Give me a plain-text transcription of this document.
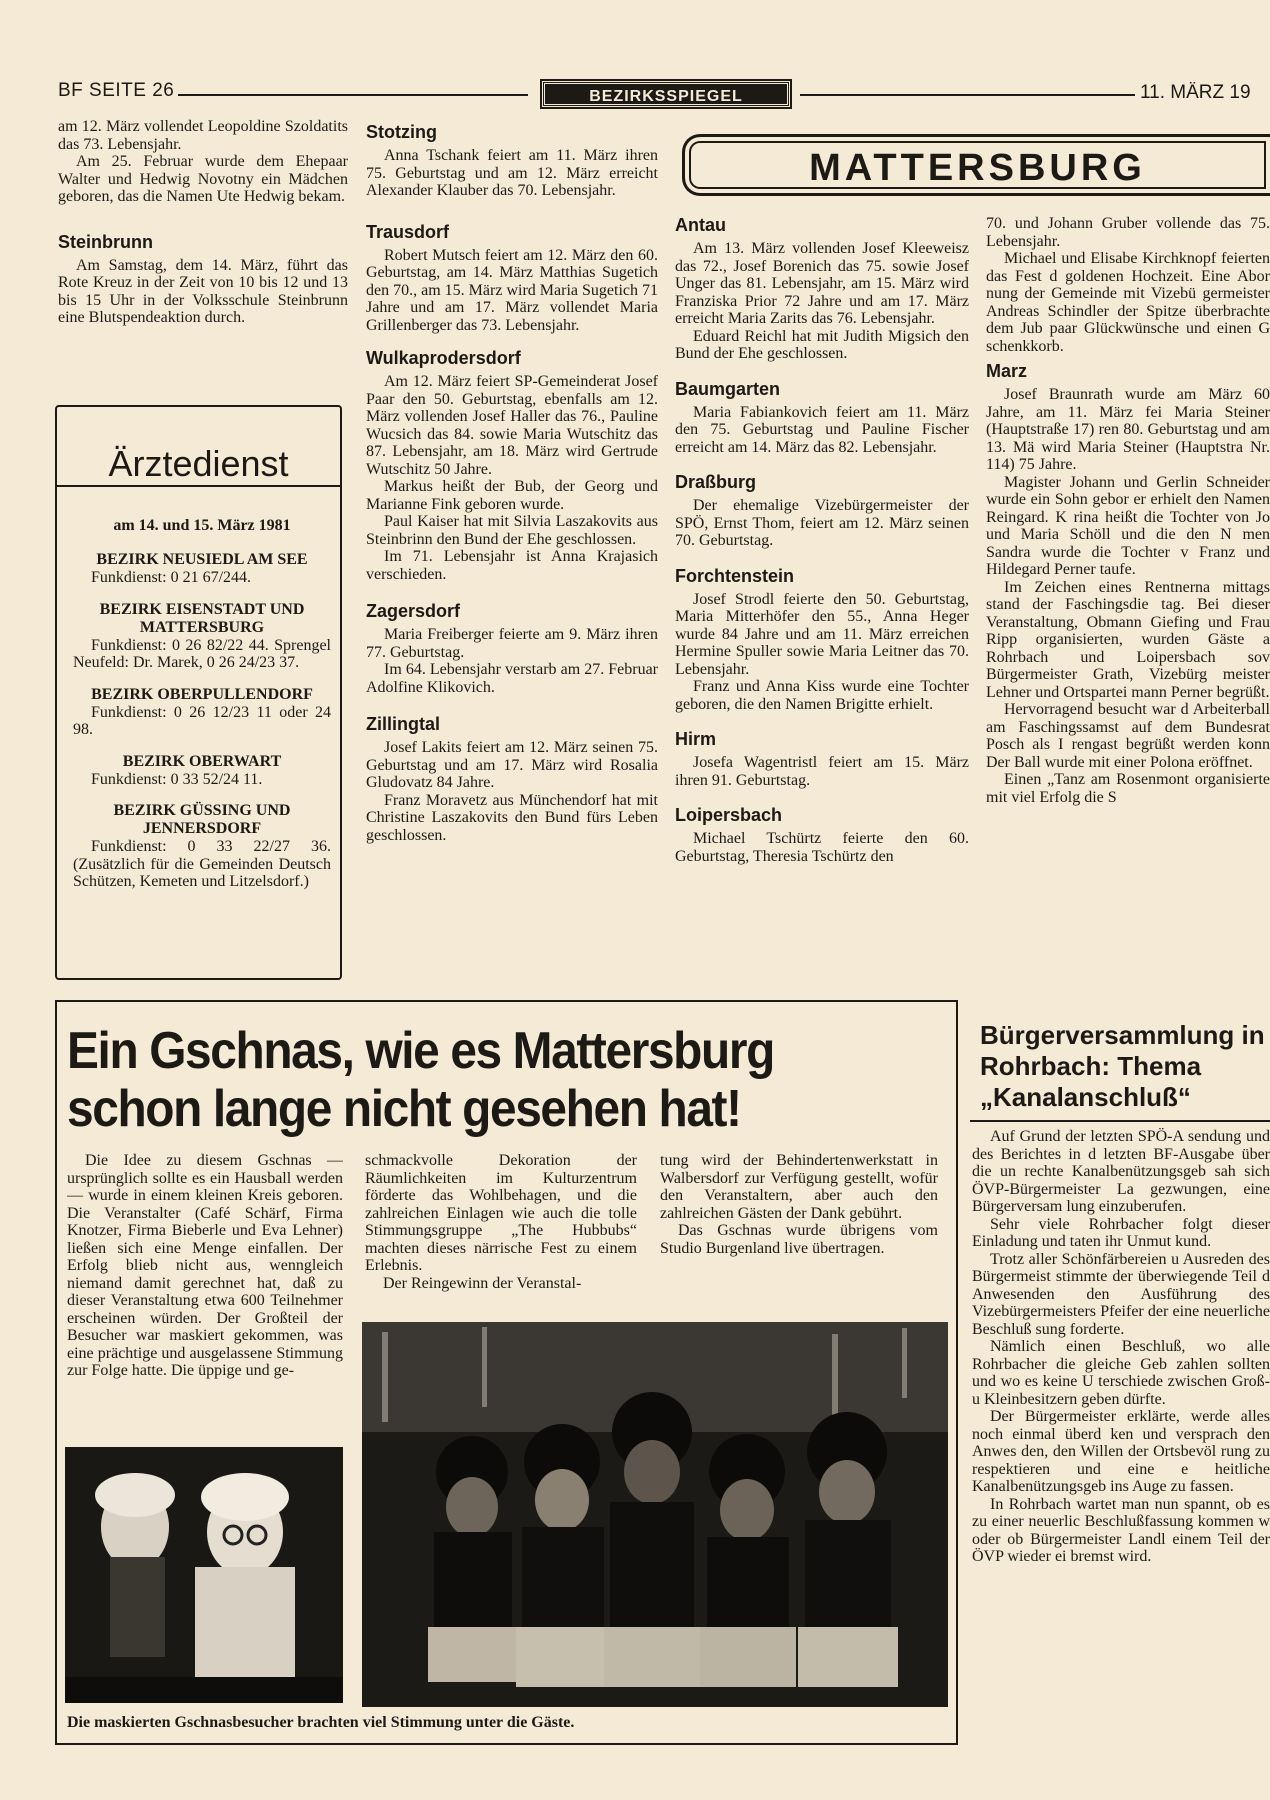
BF SEITE 26	BEZIRKSSPIEGEL	11. MÄRZ 19

am 12. März vollendet Leopoldine Szoldatits das 73. Lebensjahr.

Am 25. Februar wurde dem Ehepaar Walter und Hedwig Novotny ein Mädchen geboren, das die Namen Ute Hedwig bekam.

Steinbrunn

Am Samstag, dem 14. März, führt das Rote Kreuz in der Zeit von 10 bis 12 und 13 bis 15 Uhr in der Volksschule Steinbrunn eine Blutspendeaktion durch.

Ärztedienst
am 14. und 15. März 1981
BEZIRK NEUSIEDL AM SEE

Funkdienst: 0 21 67/244.

BEZIRK EISENSTADT UND MATTERSBURG

Funkdienst: 0 26 82/22 44. Sprengel Neufeld: Dr. Marek, 0 26 24/23 37.

BEZIRK OBERPULLENDORF

Funkdienst: 0 26 12/23 11 oder 24 98.

BEZIRK OBERWART

Funkdienst: 0 33 52/24 11.

BEZIRK GÜSSING UND JENNERSDORF

Funkdienst: 0 33 22/27 36. (Zusätzlich für die Gemeinden Deutsch Schützen, Kemeten und Litzelsdorf.)

Stotzing

Anna Tschank feiert am 11. März ihren 75. Geburtstag und am 12. März erreicht Alexander Klauber das 70. Lebensjahr.

Trausdorf

Robert Mutsch feiert am 12. März den 60. Geburtstag, am 14. März Matthias Sugetich den 70., am 15. März wird Maria Sugetich 71 Jahre und am 17. März vollendet Maria Grillenberger das 73. Lebensjahr.

Wulkaprodersdorf

Am 12. März feiert SP-Gemeinderat Josef Paar den 50. Geburtstag, ebenfalls am 12. März vollenden Josef Haller das 76., Pauline Wucsich das 84. sowie Maria Wutschitz das 87. Lebensjahr, am 18. März wird Gertrude Wutschitz 50 Jahre.

Markus heißt der Bub, der Georg und Marianne Fink geboren wurde.

Paul Kaiser hat mit Silvia Laszakovits aus Steinbrinn den Bund der Ehe geschlossen.

Im 71. Lebensjahr ist Anna Krajasich verschieden.

Zagersdorf

Maria Freiberger feierte am 9. März ihren 77. Geburtstag.

Im 64. Lebensjahr verstarb am 27. Februar Adolfine Klikovich.

Zillingtal

Josef Lakits feiert am 12. März seinen 75. Geburtstag und am 17. März wird Rosalia Gludovatz 84 Jahre.

Franz Moravetz aus Münchendorf hat mit Christine Laszakovits den Bund fürs Leben geschlossen.

MATTERSBURG
Antau

Am 13. März vollenden Josef Kleeweisz das 72., Josef Borenich das 75. sowie Josef Unger das 81. Lebensjahr, am 15. März wird Franziska Prior 72 Jahre und am 17. März erreicht Maria Zarits das 76. Lebensjahr.

Eduard Reichl hat mit Judith Migsich den Bund der Ehe geschlossen.

Baumgarten

Maria Fabiankovich feiert am 11. März den 75. Geburtstag und Pauline Fischer erreicht am 14. März das 82. Lebensjahr.

Draßburg

Der ehemalige Vizebürgermeister der SPÖ, Ernst Thom, feiert am 12. März seinen 70. Geburtstag.

Forchtenstein

Josef Strodl feierte den 50. Geburtstag, Maria Mitterhöfer den 55., Anna Heger wurde 84 Jahre und am 11. März erreichen Hermine Spuller sowie Maria Leitner das 70. Lebensjahr.

Franz und Anna Kiss wurde eine Tochter geboren, die den Namen Brigitte erhielt.

Hirm

Josefa Wagentristl feiert am 15. März ihren 91. Geburtstag.

Loipersbach

Michael Tschürtz feierte den 60. Geburtstag, Theresia Tschürtz den

70. und Johann Gruber vollende das 75. Lebensjahr.

Michael und Elisabe Kirchknopf feierten das Fest d goldenen Hochzeit. Eine Abor nung der Gemeinde mit Vizebü germeister Andreas Schindler der Spitze überbrachte dem Jub paar Glückwünsche und einen G schenkkorb.

Marz

Josef Braunrath wurde am März 60 Jahre, am 11. März fei Maria Steiner (Hauptstraße 17) ren 80. Geburtstag und am 13. Mä wird Maria Steiner (Hauptstra Nr. 114) 75 Jahre.

Magister Johann und Gerlin Schneider wurde ein Sohn gebor er erhielt den Namen Reingard. K rina heißt die Tochter von Jo und Maria Schöll und die den N men Sandra wurde die Tochter v Franz und Hildegard Perner taufe.

Im Zeichen eines Rentnerna mittags stand der Faschingsdie tag. Bei dieser Veranstaltung, Obmann Giefing und Frau Ripp organisierten, wurden Gäste a Rohrbach und Loipersbach sov Bürgermeister Grath, Vizebürg meister Lehner und Ortspartei mann Perner begrüßt.

Hervorragend besucht war d Arbeiterball am Faschingssamst auf dem Bundesrat Posch als I rengast begrüßt werden konn Der Ball wurde mit einer Polona eröffnet.

Einen „Tanz am Rosenmont organisierte mit viel Erfolg die S

Ein Gschnas, wie es Mattersburg schon lange nicht gesehen hat!

Die Idee zu diesem Gschnas — ursprünglich sollte es ein Hausball werden — wurde in einem kleinen Kreis geboren. Die Veranstalter (Café Schärf, Firma Knotzer, Firma Bieberle und Eva Lehner) ließen sich eine Menge einfallen. Der Erfolg blieb nicht aus, wenngleich niemand damit gerechnet hat, daß zu dieser Veranstaltung etwa 600 Teilnehmer erscheinen würden. Der Großteil der Besucher war maskiert gekommen, was eine prächtige und ausgelassene Stimmung zur Folge hatte. Die üppige und ge-

schmackvolle Dekoration der Räumlichkeiten im Kulturzentrum förderte das Wohlbehagen, und die zahlreichen Einlagen wie auch die tolle Stimmungsgruppe „The Hubbubs“ machten dieses närrische Fest zu einem Erlebnis.

Der Reingewinn der Veranstal-

tung wird der Behindertenwerkstatt in Walbersdorf zur Verfügung gestellt, wofür den Veranstaltern, aber auch den zahlreichen Gästen der Dank gebührt.

Das Gschnas wurde übrigens vom Studio Burgenland live übertragen.

Die maskierten Gschnasbesucher brachten viel Stimmung unter die Gäste.
Bürgerversammlung in Rohrbach: Thema „Kanalanschluß“

Auf Grund der letzten SPÖ-A sendung und des Berichtes in d letzten BF-Ausgabe über die un rechte Kanalbenützungsgeb sah sich ÖVP-Bürgermeister La gezwungen, eine Bürgerversam lung einzuberufen.

Sehr viele Rohrbacher folgt dieser Einladung und taten ihr Unmut kund.

Trotz aller Schönfärbereien u Ausreden des Bürgermeist stimmte der überwiegende Teil d Anwesenden den Ausführung des Vizebürgermeisters Pfeifer der eine neuerliche Beschluß sung forderte.

Nämlich einen Beschluß, wo alle Rohrbacher die gleiche Geb zahlen sollten und wo es keine U terschiede zwischen Groß- u Kleinbesitzern geben dürfte.

Der Bürgermeister erklärte, werde alles noch einmal überd ken und versprach den Anwes den, den Willen der Ortsbevöl rung zu respektieren und eine e heitliche Kanalbenützungsgeb ins Auge zu fassen.

In Rohrbach wartet man nun spannt, ob es zu einer neuerlic Beschlußfassung kommen w oder ob Bürgermeister Landl einem Teil der ÖVP wieder ei bremst wird.
